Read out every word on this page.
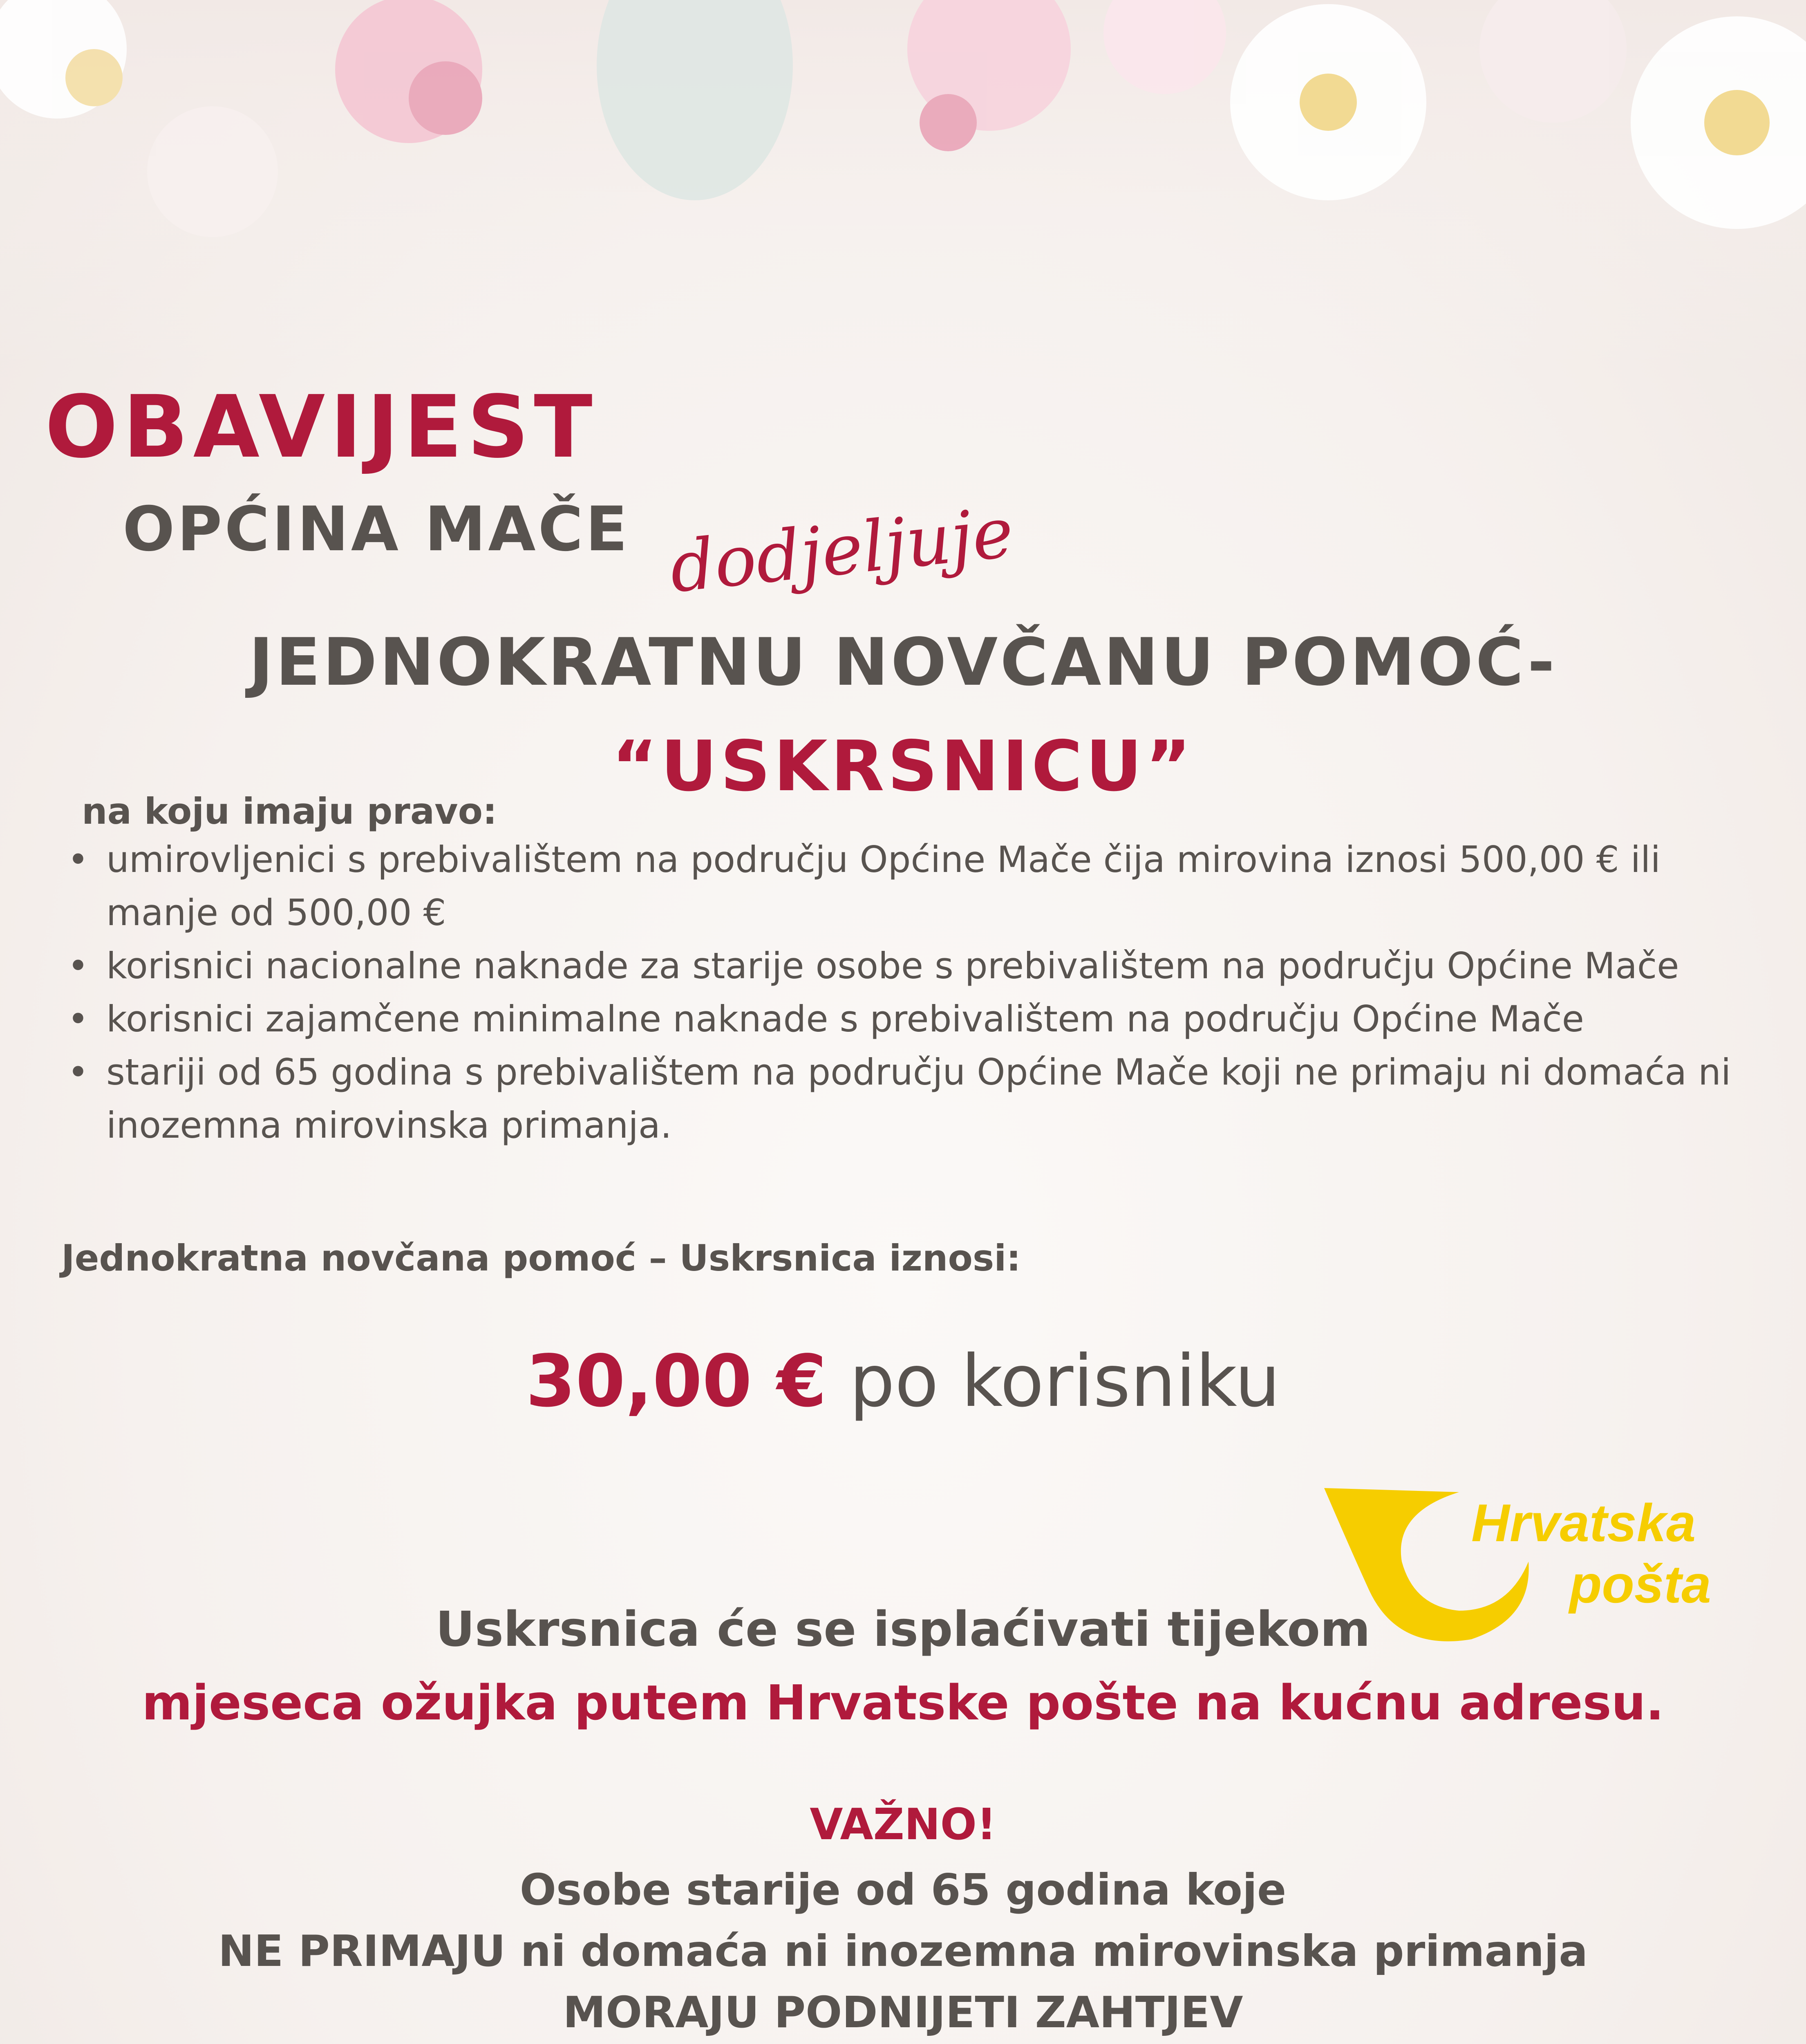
OBAVIJEST
OPĆINA MAČE dodjeljuje
JEDNOKRATNU NOVČANU POMOĆ-
“USKRSNICU”
na koju imaju pravo:
• umirovljenici s prebivalištem na području Općine Mače čija mirovina iznosi 500,00 € ili manje od 500,00 €
• korisnici nacionalne naknade za starije osobe s prebivalištem na području Općine Mače
• korisnici zajamčene minimalne naknade s prebivalištem na području Općine Mače
• stariji od 65 godina s prebivalištem na području Općine Mače koji ne primaju ni domaća ni inozemna mirovinska primanja.
Jednokratna novčana pomoć – Uskrsnica iznosi:
30,00 € po korisniku
Hrvatska
pošta
Uskrsnica će se isplaćivati tijekom
mjeseca ožujka putem Hrvatske pošte na kućnu adresu.
VAŽNO!
Osobe starije od 65 godina koje
NE PRIMAJU ni domaća ni inozemna mirovinska primanja
MORAJU PODNIJETI ZAHTJEV
